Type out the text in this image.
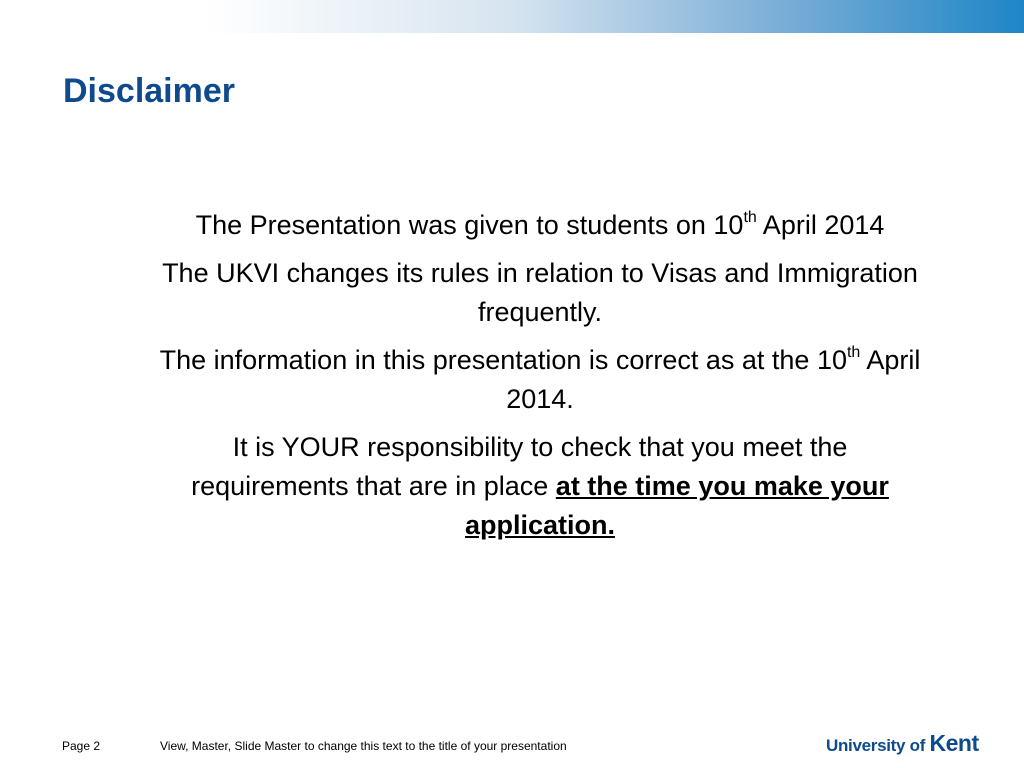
Disclaimer

The Presentation was given to students on 10th April 2014

The UKVI changes its rules in relation to Visas and Immigration frequently.

The information in this presentation is correct as at the 10th April 2014.

It is YOUR responsibility to check that you meet the requirements that are in place at the time you make your application.

Page 2	View, Master, Slide Master to change this text to the title of your presentation	University of Kent
